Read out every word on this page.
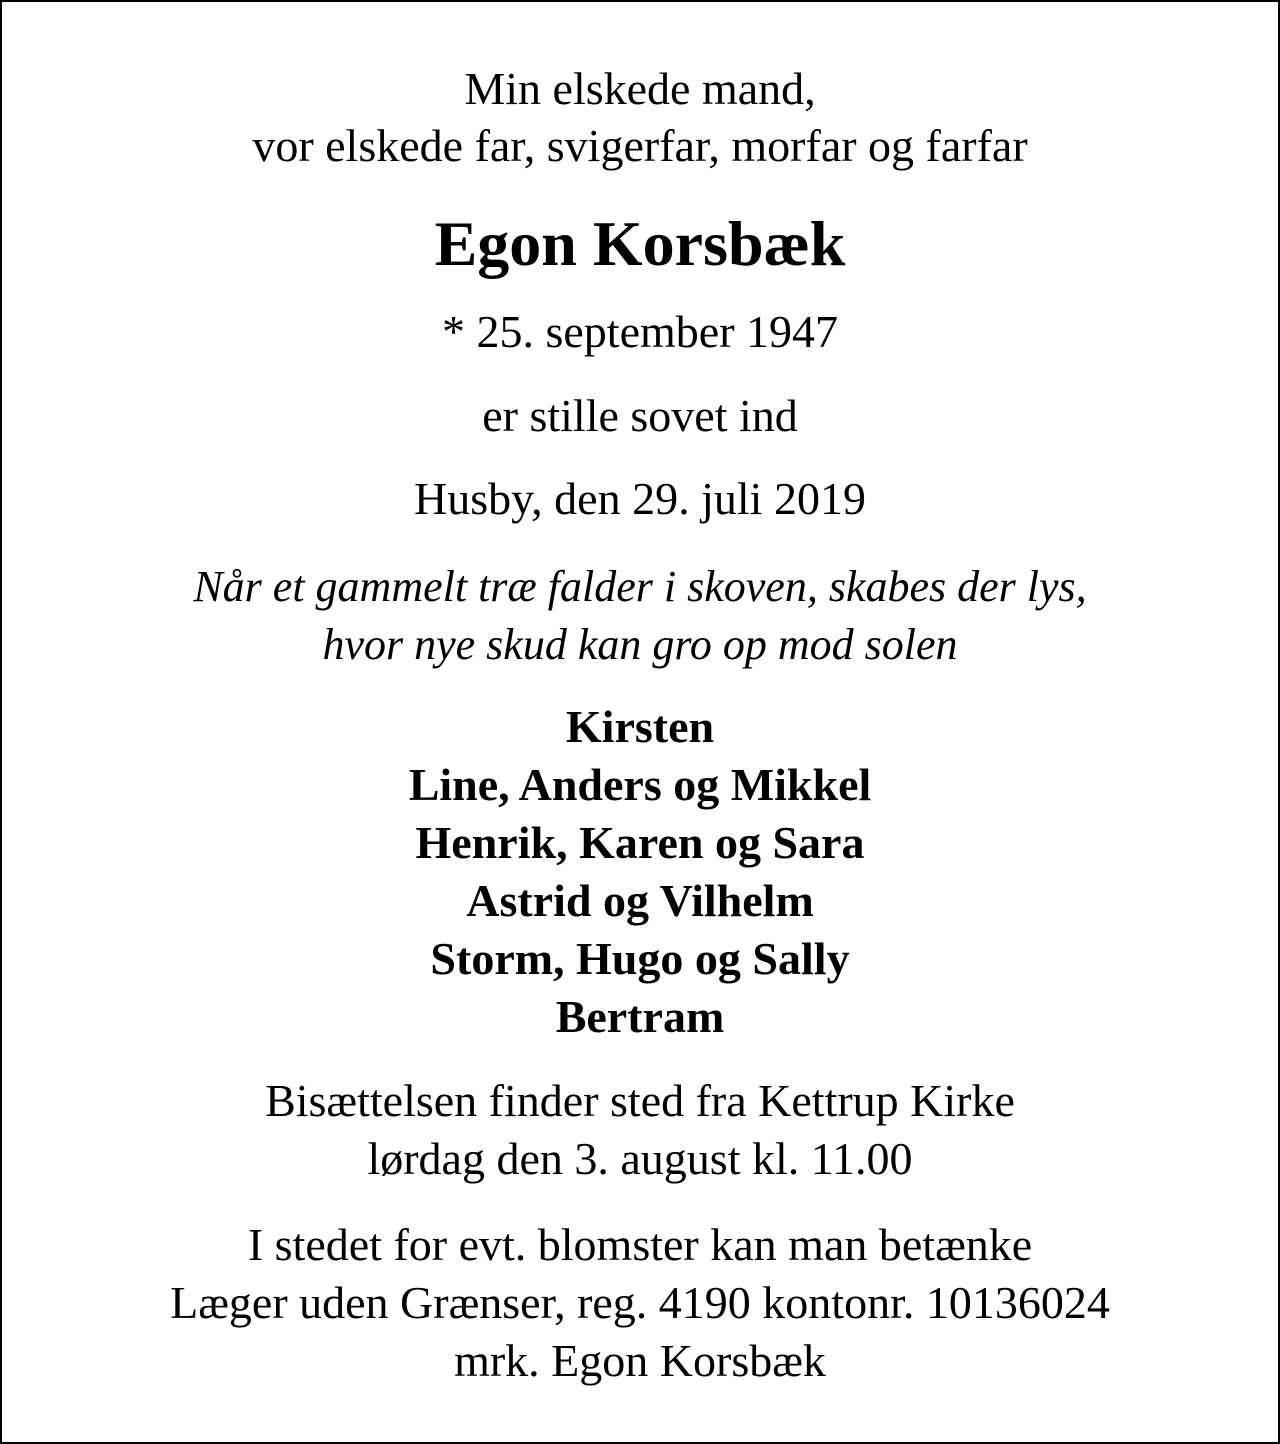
Min elskede mand,
vor elskede far, svigerfar, morfar og farfar

Egon Korsbæk

* 25. september 1947

er stille sovet ind

Husby, den 29. juli 2019

Når et gammelt træ falder i skoven, skabes der lys,
hvor nye skud kan gro op mod solen

Kirsten
Line, Anders og Mikkel
Henrik, Karen og Sara
Astrid og Vilhelm
Storm, Hugo og Sally
Bertram

Bisættelsen finder sted fra Kettrup Kirke
lørdag den 3. august kl. 11.00

I stedet for evt. blomster kan man betænke
Læger uden Grænser, reg. 4190 kontonr. 10136024
mrk. Egon Korsbæk
